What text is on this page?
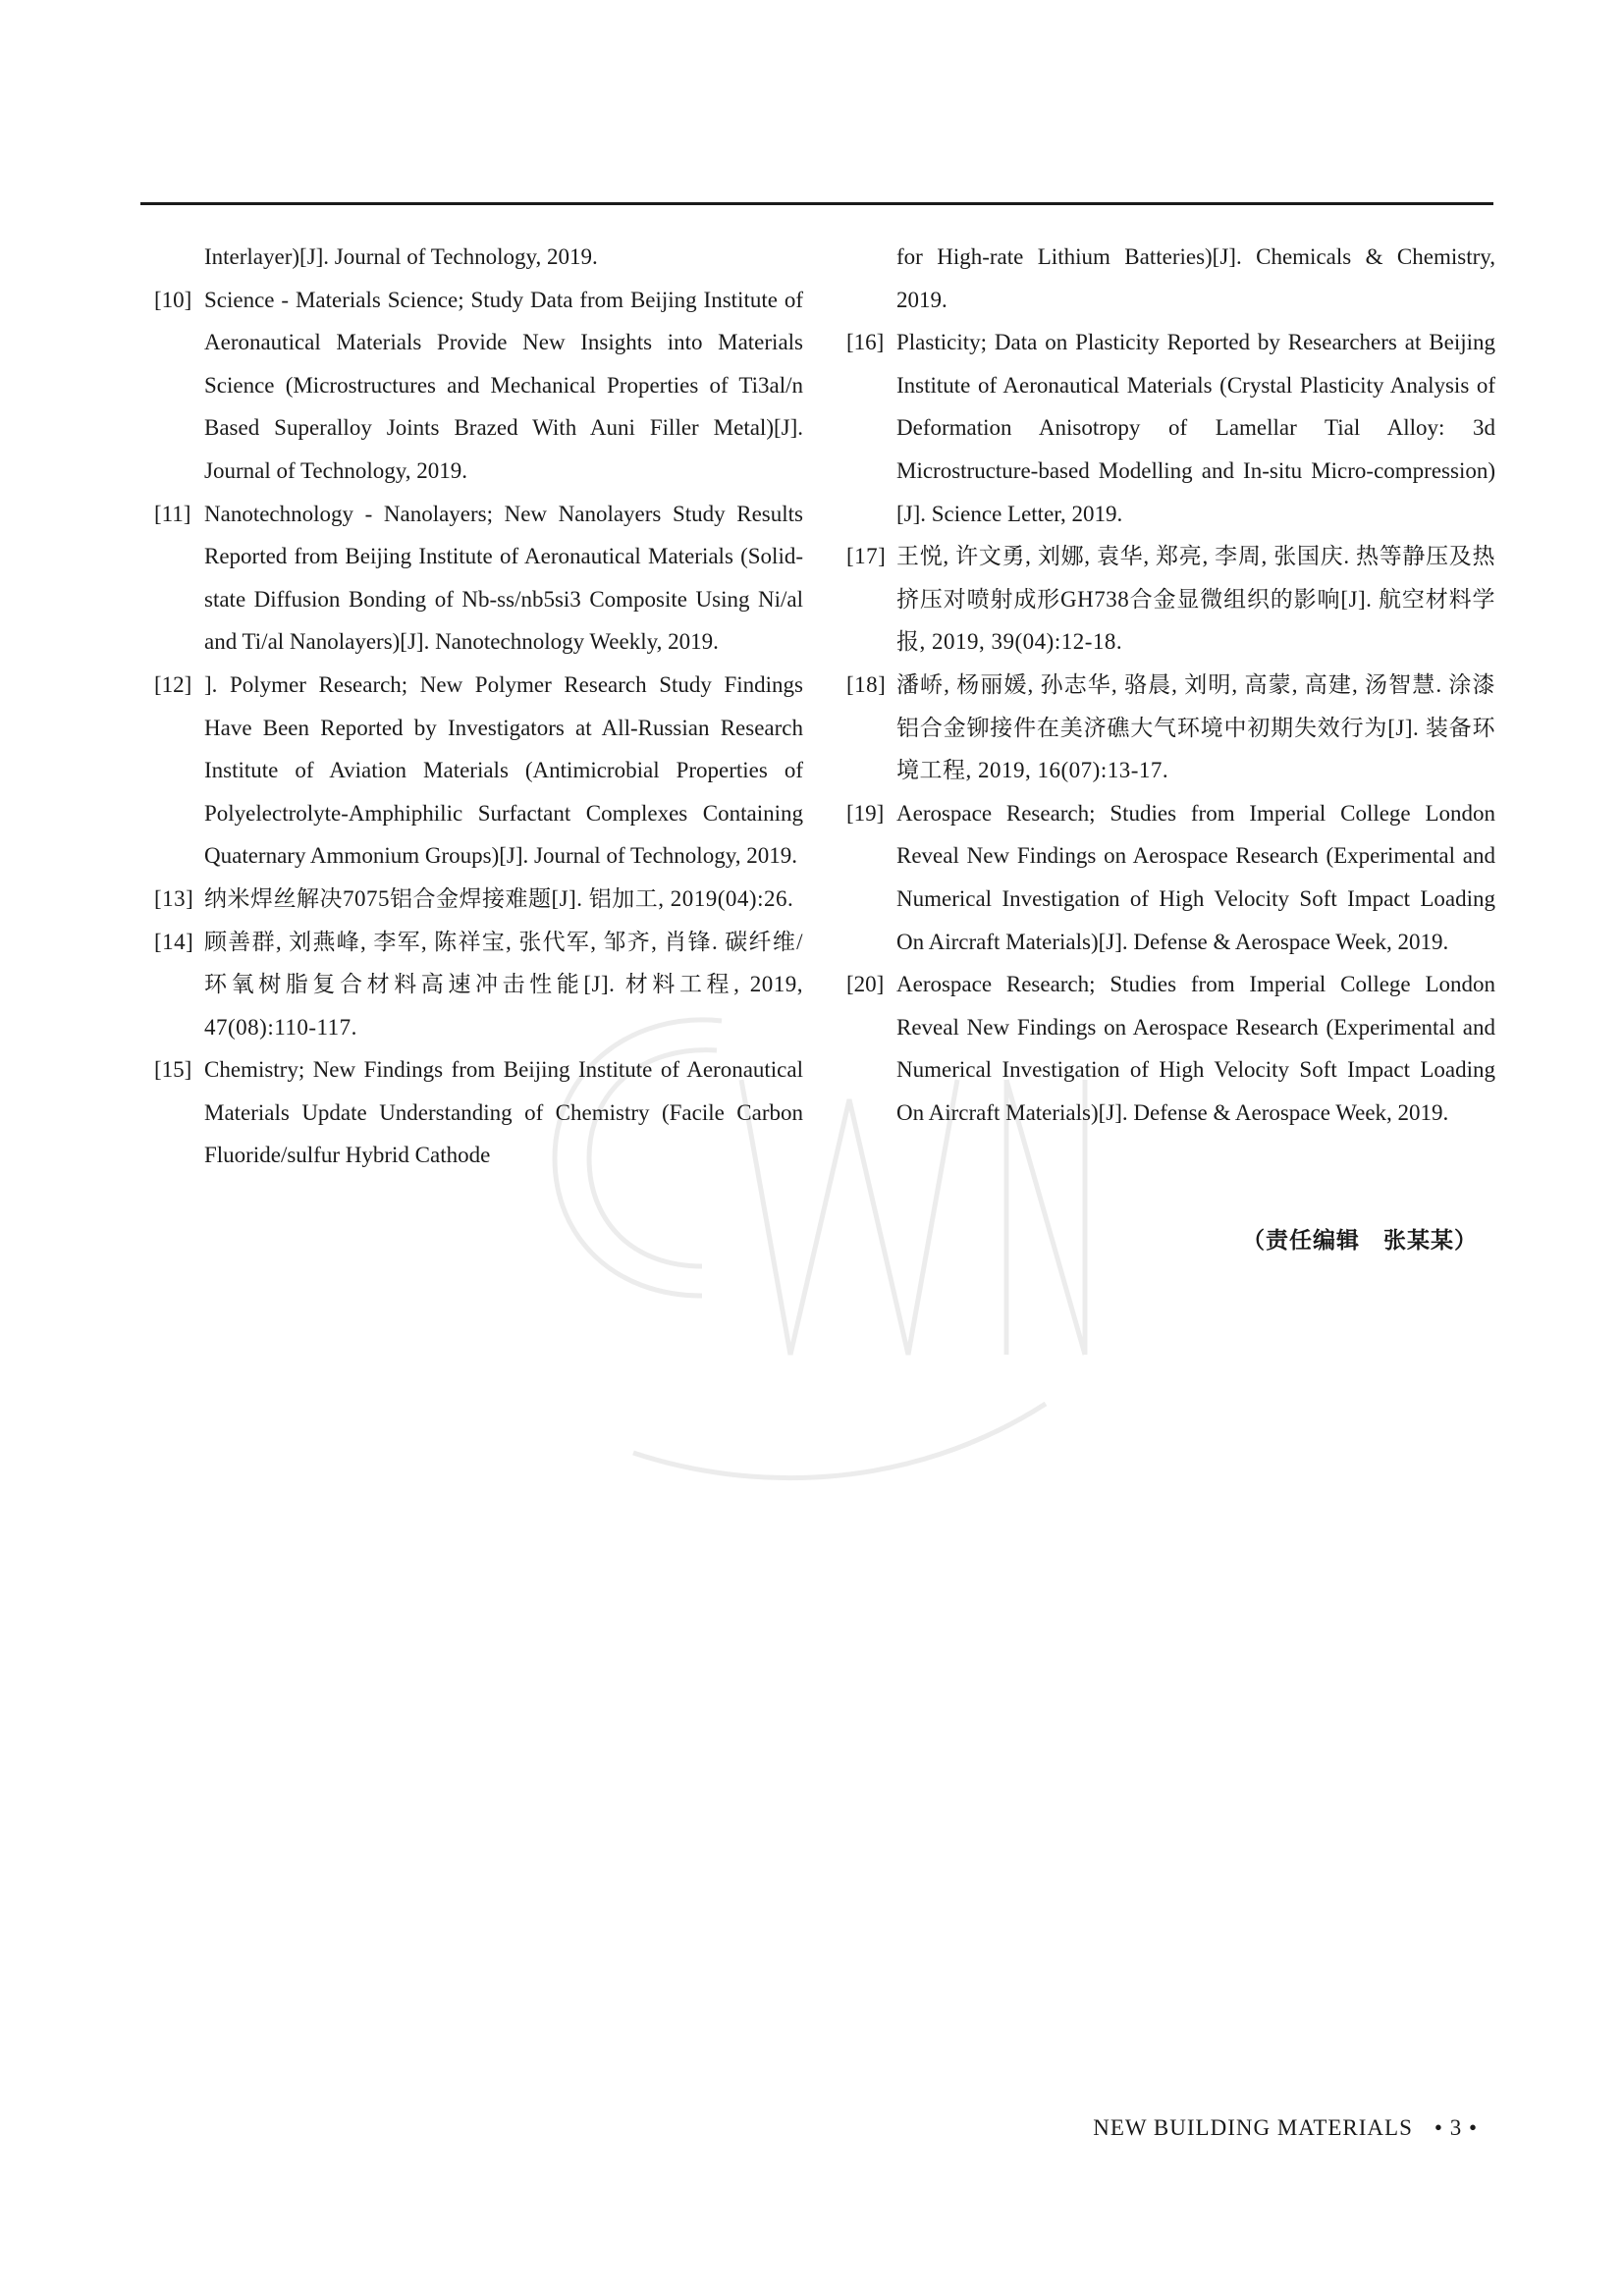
Interlayer)[J]. Journal of Technology, 2019.
[10] Science - Materials Science; Study Data from Beijing Institute of Aeronautical Materials Provide New Insights into Materials Science (Microstructures and Mechanical Properties of Ti3al/n Based Superalloy Joints Brazed With Auni Filler Metal)[J]. Journal of Technology, 2019.
[11] Nanotechnology - Nanolayers; New Nanolayers Study Results Reported from Beijing Institute of Aeronautical Materials (Solid-state Diffusion Bonding of Nb-ss/nb5si3 Composite Using Ni/al and Ti/al Nanolayers)[J]. Nanotechnology Weekly, 2019.
[12] ]. Polymer Research; New Polymer Research Study Findings Have Been Reported by Investigators at All-Russian Research Institute of Aviation Materials (Antimicrobial Properties of Polyelectrolyte-Amphiphilic Surfactant Complexes Containing Quaternary Ammonium Groups)[J]. Journal of Technology, 2019.
[13] 纳米焊丝解决7075铝合金焊接难题[J]. 铝加工, 2019(04):26.
[14] 顾善群, 刘燕峰, 李军, 陈祥宝, 张代军, 邹齐, 肖锋. 碳纤维/环氧树脂复合材料高速冲击性能[J]. 材料工程, 2019, 47(08):110-117.
[15] Chemistry; New Findings from Beijing Institute of Aeronautical Materials Update Understanding of Chemistry (Facile Carbon Fluoride/sulfur Hybrid Cathode
for High-rate Lithium Batteries)[J]. Chemicals & Chemistry, 2019.
[16] Plasticity; Data on Plasticity Reported by Researchers at Beijing Institute of Aeronautical Materials (Crystal Plasticity Analysis of Deformation Anisotropy of Lamellar Tial Alloy: 3d Microstructure-based Modelling and In-situ Micro-compression)[J]. Science Letter, 2019.
[17] 王悦, 许文勇, 刘娜, 袁华, 郑亮, 李周, 张国庆. 热等静压及热挤压对喷射成形GH738合金显微组织的影响[J]. 航空材料学报, 2019, 39(04):12-18.
[18] 潘峤, 杨丽媛, 孙志华, 骆晨, 刘明, 高蒙, 高建, 汤智慧. 涂漆铝合金铆接件在美济礁大气环境中初期失效行为[J]. 装备环境工程, 2019, 16(07):13-17.
[19] Aerospace Research; Studies from Imperial College London Reveal New Findings on Aerospace Research (Experimental and Numerical Investigation of High Velocity Soft Impact Loading On Aircraft Materials)[J]. Defense & Aerospace Week, 2019.
[20] Aerospace Research; Studies from Imperial College London Reveal New Findings on Aerospace Research (Experimental and Numerical Investigation of High Velocity Soft Impact Loading On Aircraft Materials)[J]. Defense & Aerospace Week, 2019.
（责任编辑　张某某）
NEW BUILDING MATERIALS • 3 •
